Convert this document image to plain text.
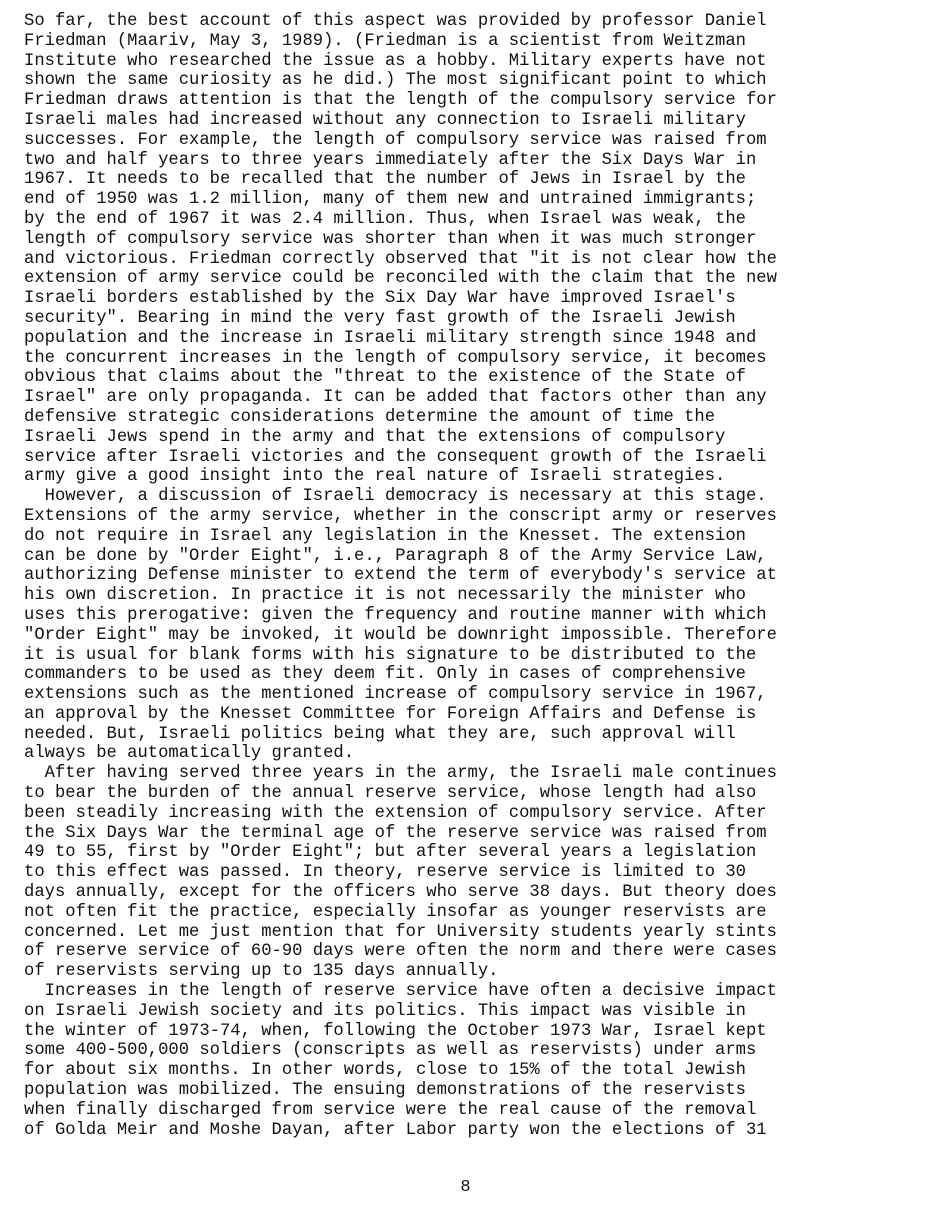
So far, the best account of this aspect was provided by professor Daniel
Friedman (Maariv, May 3, 1989). (Friedman is a scientist from Weitzman
Institute who researched the issue as a hobby. Military experts have not
shown the same curiosity as he did.) The most significant point to which
Friedman draws attention is that the length of the compulsory service for
Israeli males had increased without any connection to Israeli military
successes. For example, the length of compulsory service was raised from
two and half years to three years immediately after the Six Days War in
1967. It needs to be recalled that the number of Jews in Israel by the
end of 1950 was 1.2 million, many of them new and untrained immigrants;
by the end of 1967 it was 2.4 million. Thus, when Israel was weak, the
length of compulsory service was shorter than when it was much stronger
and victorious. Friedman correctly observed that "it is not clear how the
extension of army service could be reconciled with the claim that the new
Israeli borders established by the Six Day War have improved Israel's
security". Bearing in mind the very fast growth of the Israeli Jewish
population and the increase in Israeli military strength since 1948 and
the concurrent increases in the length of compulsory service, it becomes
obvious that claims about the "threat to the existence of the State of
Israel" are only propaganda. It can be added that factors other than any
defensive strategic considerations determine the amount of time the
Israeli Jews spend in the army and that the extensions of compulsory
service after Israeli victories and the consequent growth of the Israeli
army give a good insight into the real nature of Israeli strategies.
However, a discussion of Israeli democracy is necessary at this stage.
Extensions of the army service, whether in the conscript army or reserves
do not require in Israel any legislation in the Knesset. The extension
can be done by "Order Eight", i.e., Paragraph 8 of the Army Service Law,
authorizing Defense minister to extend the term of everybody's service at
his own discretion. In practice it is not necessarily the minister who
uses this prerogative: given the frequency and routine manner with which
"Order Eight" may be invoked, it would be downright impossible. Therefore
it is usual for blank forms with his signature to be distributed to the
commanders to be used as they deem fit. Only in cases of comprehensive
extensions such as the mentioned increase of compulsory service in 1967,
an approval by the Knesset Committee for Foreign Affairs and Defense is
needed. But, Israeli politics being what they are, such approval will
always be automatically granted.
After having served three years in the army, the Israeli male continues
to bear the burden of the annual reserve service, whose length had also
been steadily increasing with the extension of compulsory service. After
the Six Days War the terminal age of the reserve service was raised from
49 to 55, first by "Order Eight"; but after several years a legislation
to this effect was passed. In theory, reserve service is limited to 30
days annually, except for the officers who serve 38 days. But theory does
not often fit the practice, especially insofar as younger reservists are
concerned. Let me just mention that for University students yearly stints
of reserve service of 60-90 days were often the norm and there were cases
of reservists serving up to 135 days annually.
Increases in the length of reserve service have often a decisive impact
on Israeli Jewish society and its politics. This impact was visible in
the winter of 1973-74, when, following the October 1973 War, Israel kept
some 400-500,000 soldiers (conscripts as well as reservists) under arms
for about six months. In other words, close to 15% of the total Jewish
population was mobilized. The ensuing demonstrations of the reservists
when finally discharged from service were the real cause of the removal
of Golda Meir and Moshe Dayan, after Labor party won the elections of 31
8
